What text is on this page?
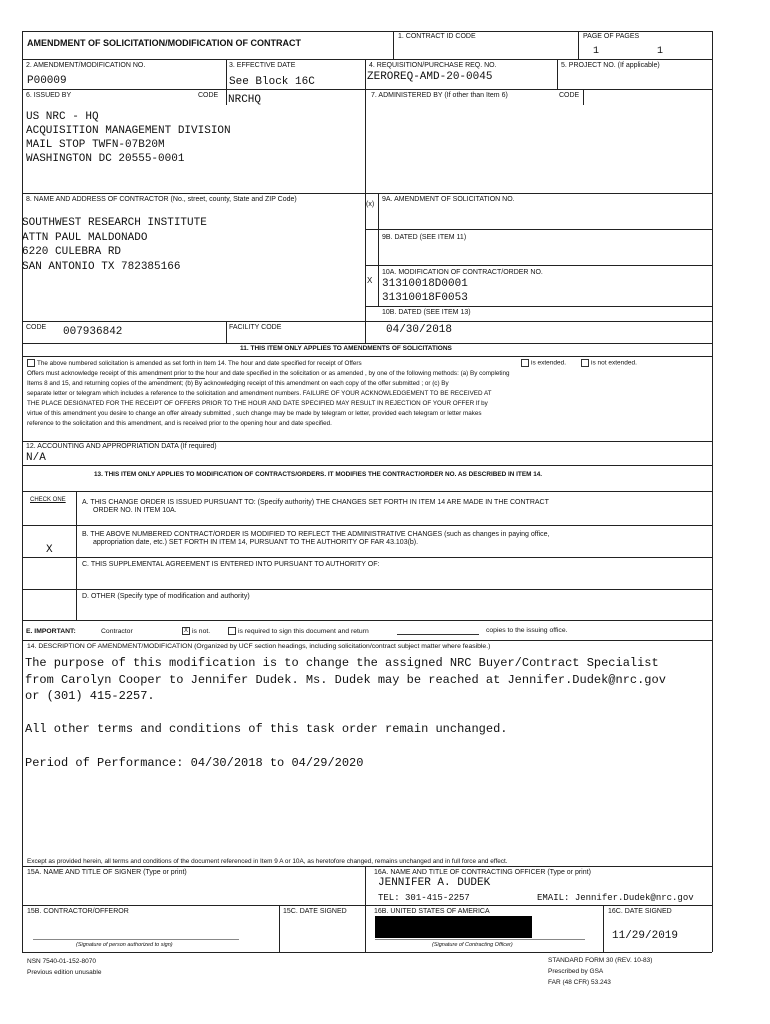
AMENDMENT OF SOLICITATION/MODIFICATION OF CONTRACT
1. CONTRACT ID CODE	PAGE OF PAGES
1	1
2. AMENDMENT/MODIFICATION NO.
P00009
3. EFFECTIVE DATE
See Block 16C
4. REQUISITION/PURCHASE REQ. NO.
ZEROREQ-AMD-20-0045
5. PROJECT NO. (If applicable)
6. ISSUED BY	CODE NRCHQ
US NRC - HQ
ACQUISITION MANAGEMENT DIVISION
MAIL STOP TWFN-07B20M
WASHINGTON DC 20555-0001
7. ADMINISTERED BY (If other than Item 6)	CODE
8. NAME AND ADDRESS OF CONTRACTOR (No., street, county, State and ZIP Code)
SOUTHWEST RESEARCH INSTITUTE
ATTN PAUL MALDONADO
6220 CULEBRA RD
SAN ANTONIO TX 782385166
CODE 007936842	FACILITY CODE
(x)
9A. AMENDMENT OF SOLICITATION NO.
9B. DATED (SEE ITEM 11)
X
10A. MODIFICATION OF CONTRACT/ORDER NO.
31310018D0001
31310018F0053
10B. DATED (SEE ITEM 13)
04/30/2018
11. THIS ITEM ONLY APPLIES TO AMENDMENTS OF SOLICITATIONS
The above numbered solicitation is amended as set forth in Item 14. The hour and date specified for receipt of Offers
Offers must acknowledge receipt of this amendment prior to the hour and date specified in the solicitation or as amended , by one of the following methods: (a) By completing
Items 8 and 15, and returning copies of the amendment; (b) By acknowledging receipt of this amendment on each copy of the offer submitted ; or (c) By
separate letter or telegram which includes a reference to the solicitation and amendment numbers. FAILURE OF YOUR ACKNOWLEDGEMENT TO BE RECEIVED AT
THE PLACE DESIGNATED FOR THE RECEIPT OF OFFERS PRIOR TO THE HOUR AND DATE SPECIFIED MAY RESULT IN REJECTION OF YOUR OFFER If by
virtue of this amendment you desire to change an offer already submitted , such change may be made by telegram or letter, provided each telegram or letter makes
reference to the solicitation and this amendment, and is received prior to the opening hour and date specified.
is extended.	is not extended.
12. ACCOUNTING AND APPROPRIATION DATA (If required)
N/A
13. THIS ITEM ONLY APPLIES TO MODIFICATION OF CONTRACTS/ORDERS. IT MODIFIES THE CONTRACT/ORDER NO. AS DESCRIBED IN ITEM 14.
CHECK ONE A. THIS CHANGE ORDER IS ISSUED PURSUANT TO: (Specify authority) THE CHANGES SET FORTH IN ITEM 14 ARE MADE IN THE CONTRACT
ORDER NO. IN ITEM 10A.
B. THE ABOVE NUMBERED CONTRACT/ORDER IS MODIFIED TO REFLECT THE ADMINISTRATIVE CHANGES (such as changes in paying office,
appropriation date, etc.) SET FORTH IN ITEM 14, PURSUANT TO THE AUTHORITY OF FAR 43.103(b).
X
C. THIS SUPPLEMENTAL AGREEMENT IS ENTERED INTO PURSUANT TO AUTHORITY OF:
D. OTHER (Specify type of modification and authority)
E. IMPORTANT:	Contractor	X is not.	is required to sign this document and return	copies to the issuing office.
14. DESCRIPTION OF AMENDMENT/MODIFICATION (Organized by UCF section headings, including solicitation/contract subject matter where feasible.)
The purpose of this modification is to change the assigned NRC Buyer/Contract Specialist
from Carolyn Cooper to Jennifer Dudek. Ms. Dudek may be reached at Jennifer.Dudek@nrc.gov
or (301) 415-2257.
All other terms and conditions of this task order remain unchanged.
Period of Performance: 04/30/2018 to 04/29/2020
Except as provided herein, all terms and conditions of the document referenced in Item 9 A or 10A, as heretofore changed, remains unchanged and in full force and effect.
15A. NAME AND TITLE OF SIGNER (Type or print)	16A. NAME AND TITLE OF CONTRACTING OFFICER (Type or print)
JENNIFER A. DUDEK
TEL: 301-415-2257	EMAIL: Jennifer.Dudek@nrc.gov
15B. CONTRACTOR/OFFEROR	15C. DATE SIGNED	16B. UNITED STATES OF AMERICA	16C. DATE SIGNED
11/29/2019
(Signature of person authorized to sign)	(Signature of Contracting Officer)
NSN 7540-01-152-8070
Previous edition unusable
STANDARD FORM 30 (REV. 10-83)
Prescribed by GSA
FAR (48 CFR) 53.243
